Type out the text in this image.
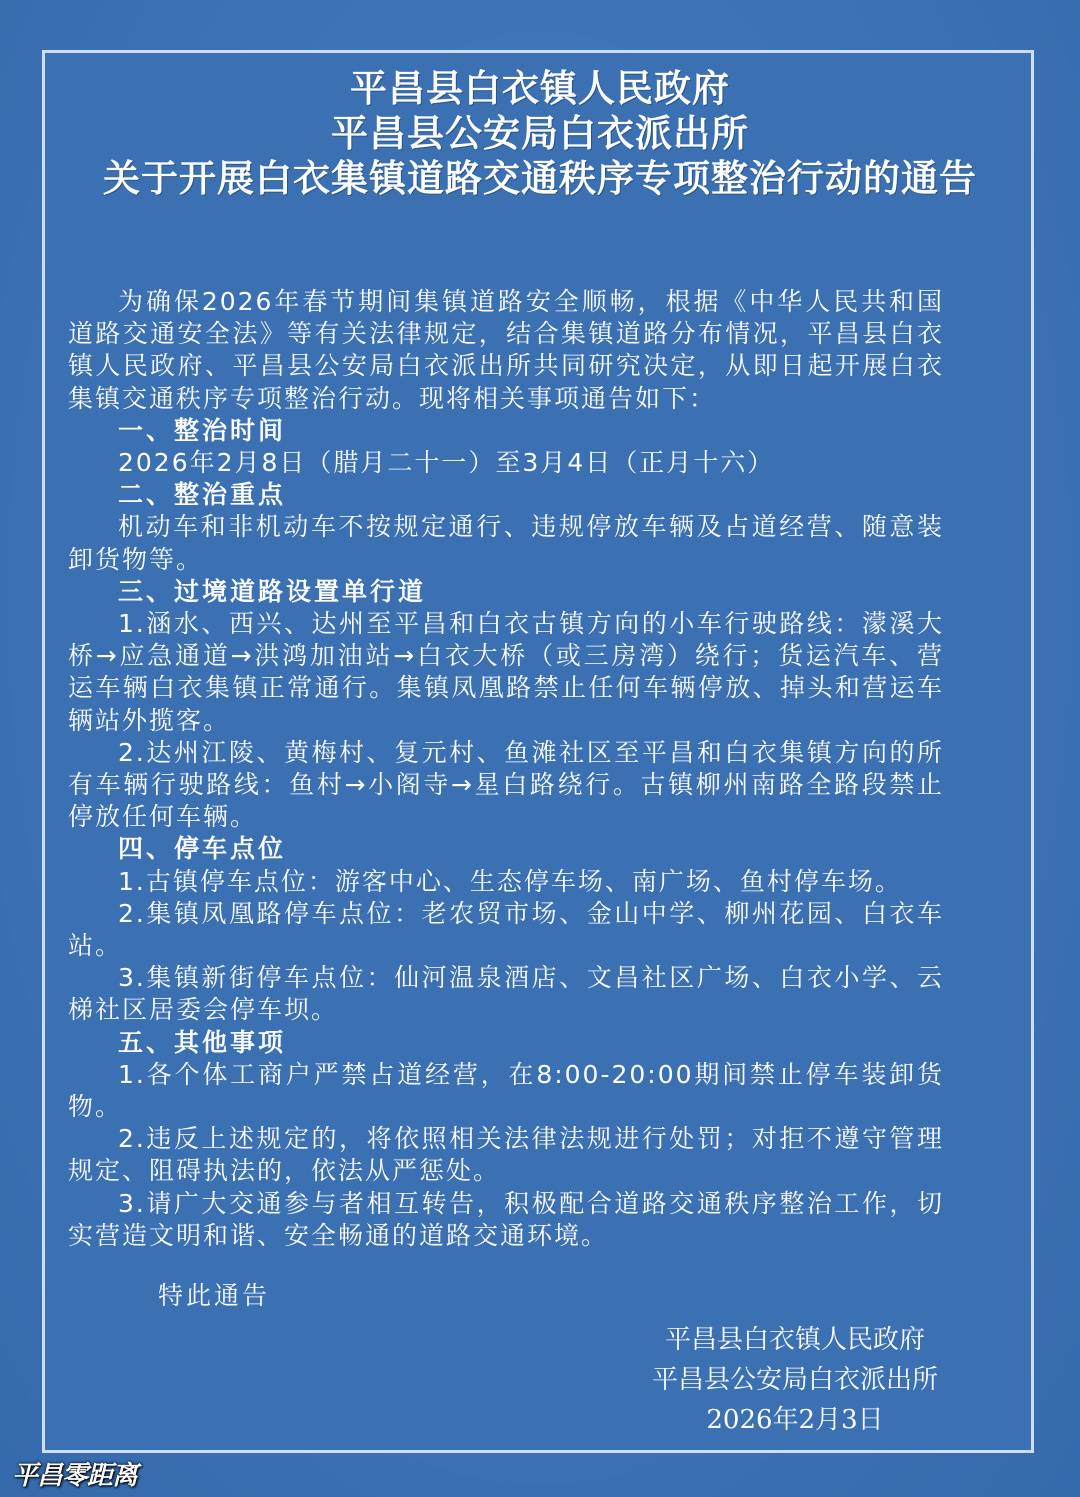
平昌县白衣镇人民政府
平昌县公安局白衣派出所
关于开展白衣集镇道路交通秩序专项整治行动的通告

为确保2026年春节期间集镇道路安全顺畅，根据《中华人民共和国道路交通安全法》等有关法律规定，结合集镇道路分布情况，平昌县白衣镇人民政府、平昌县公安局白衣派出所共同研究决定，从即日起开展白衣集镇交通秩序专项整治行动。现将相关事项通告如下：

一、整治时间

2026年2月8日（腊月二十一）至3月4日（正月十六）

二、整治重点

机动车和非机动车不按规定通行、违规停放车辆及占道经营、随意装卸货物等。

三、过境道路设置单行道

1.涵水、西兴、达州至平昌和白衣古镇方向的小车行驶路线：濛溪大桥→应急通道→洪鸿加油站→白衣大桥（或三房湾）绕行；货运汽车、营运车辆白衣集镇正常通行。集镇凤凰路禁止任何车辆停放、掉头和营运车辆站外揽客。

2.达州江陵、黄梅村、复元村、鱼滩社区至平昌和白衣集镇方向的所有车辆行驶路线：鱼村→小阁寺→星白路绕行。古镇柳州南路全路段禁止停放任何车辆。

四、停车点位

1.古镇停车点位：游客中心、生态停车场、南广场、鱼村停车场。

2.集镇凤凰路停车点位：老农贸市场、金山中学、柳州花园、白衣车站。

3.集镇新街停车点位：仙河温泉酒店、文昌社区广场、白衣小学、云梯社区居委会停车坝。

五、其他事项

1.各个体工商户严禁占道经营，在8:00-20:00期间禁止停车装卸货物。

2.违反上述规定的，将依照相关法律法规进行处罚；对拒不遵守管理规定、阻碍执法的，依法从严惩处。

3.请广大交通参与者相互转告，积极配合道路交通秩序整治工作，切实营造文明和谐、安全畅通的道路交通环境。

特此通告
平昌县白衣镇人民政府
平昌县公安局白衣派出所
2026年2月3日
平昌零距离
